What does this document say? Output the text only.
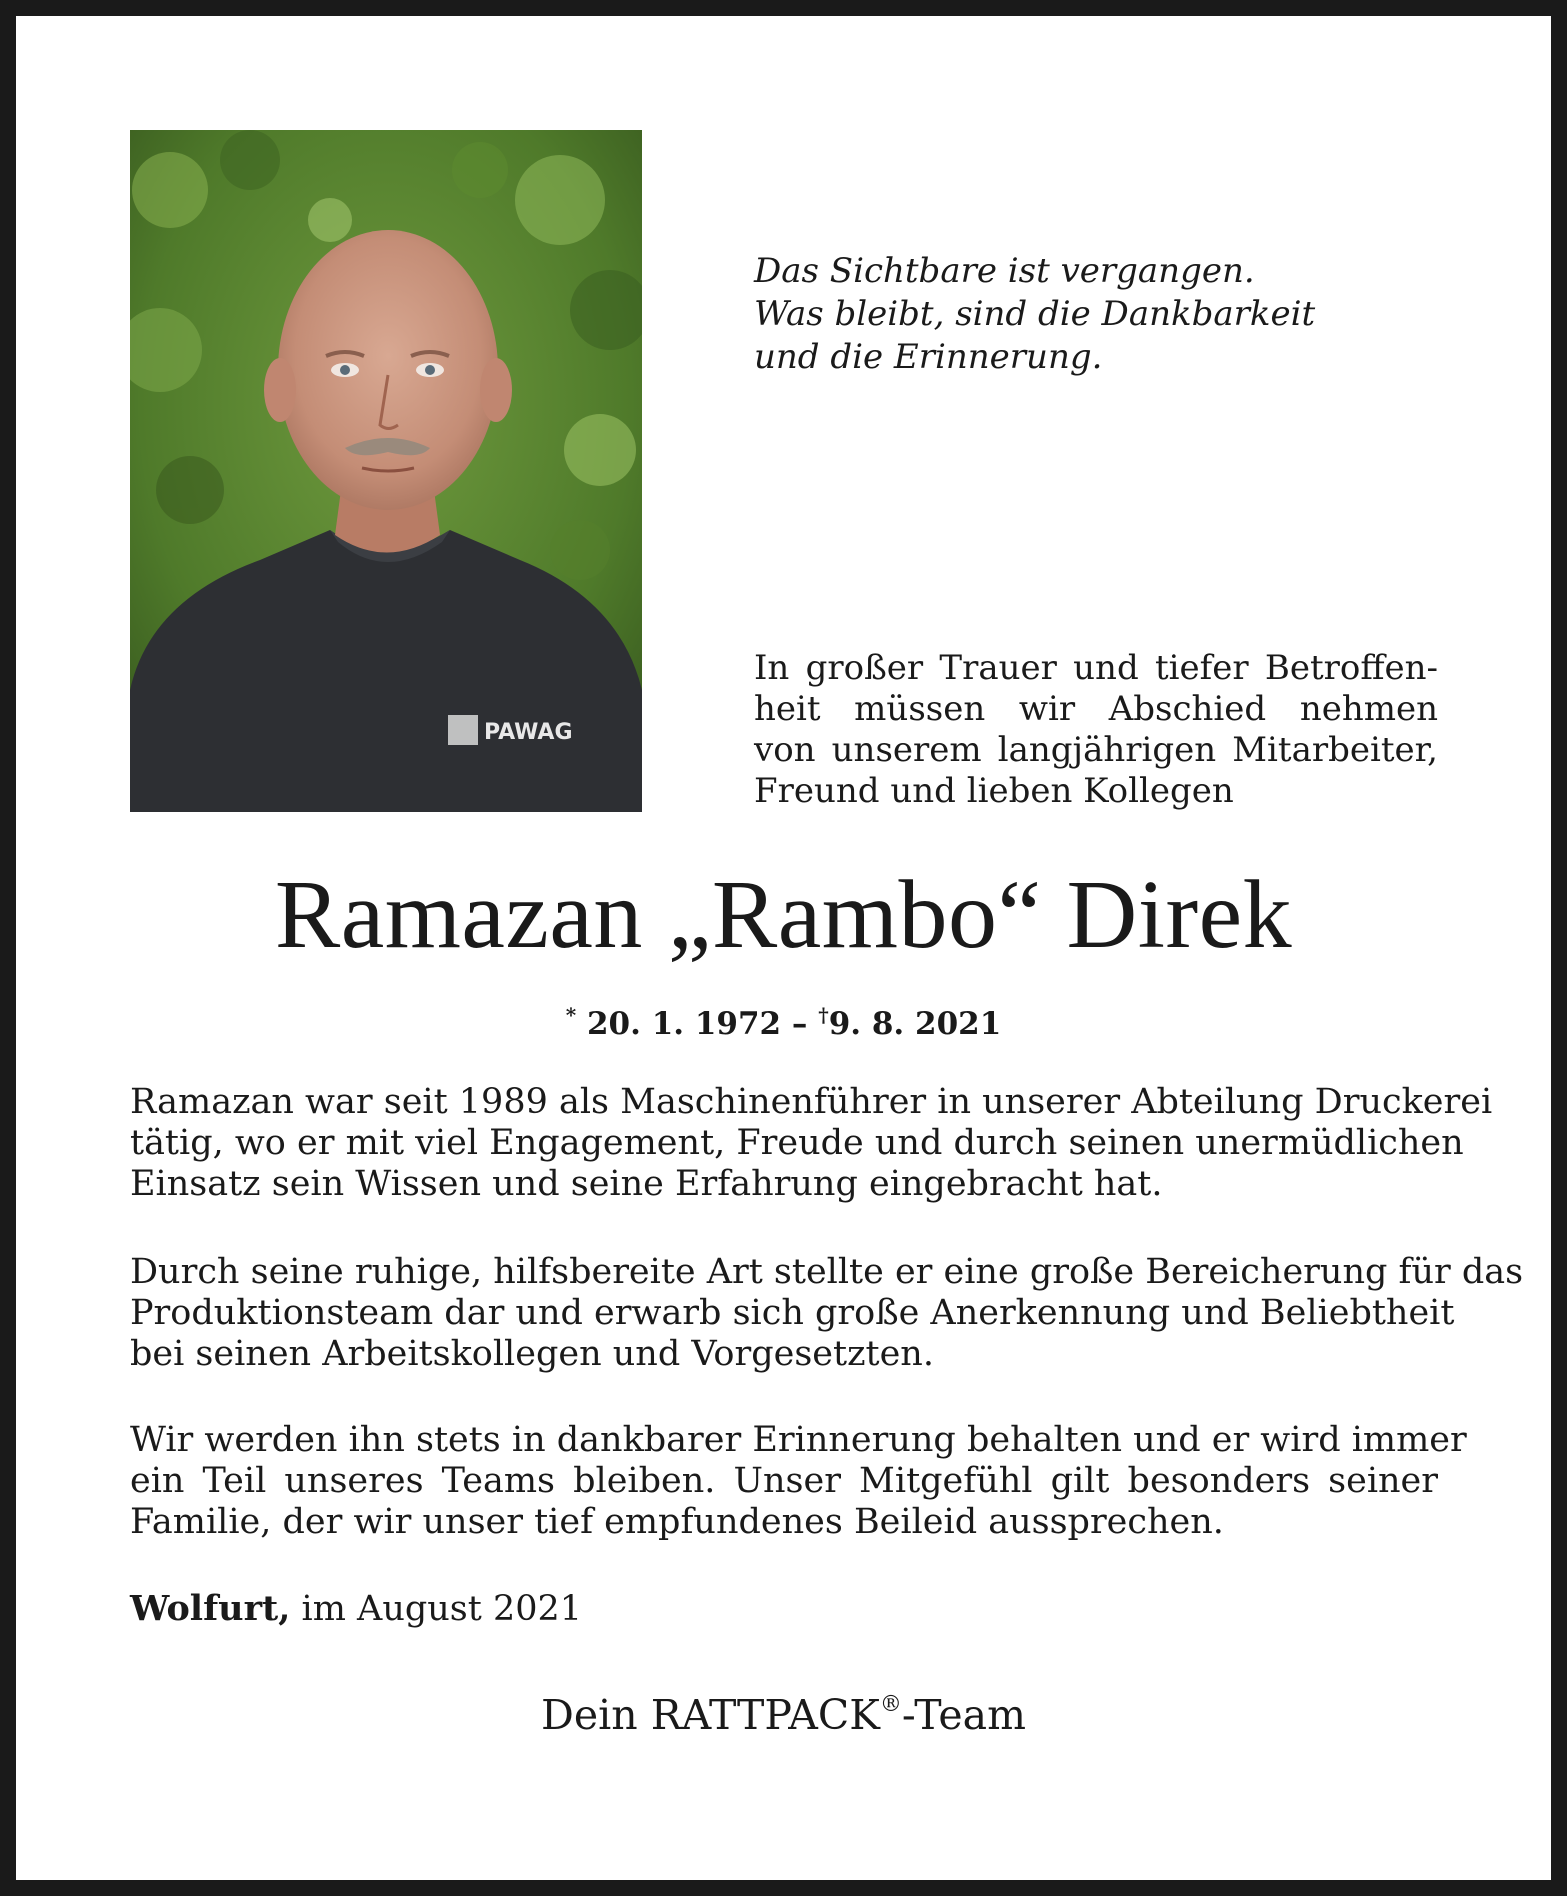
PAWAG
Das Sichtbare ist vergangen.
Was bleibt, sind die Dankbarkeit
und die Erinnerung.
In großer Trauer und tiefer Betroffen-
heit müssen wir Abschied nehmen
von unserem langjährigen Mitarbeiter,
Freund und lieben Kollegen
Ramazan „Rambo“ Direk
* 20. 1. 1972 – †9. 8. 2021
Ramazan war seit 1989 als Maschinenführer in unserer Abteilung Druckerei
tätig, wo er mit viel Engagement, Freude und durch seinen unermüdlichen
Einsatz sein Wissen und seine Erfahrung eingebracht hat.
Durch seine ruhige, hilfsbereite Art stellte er eine große Bereicherung für das
Produktionsteam dar und erwarb sich große Anerkennung und Beliebtheit
bei seinen Arbeitskollegen und Vorgesetzten.
Wir werden ihn stets in dankbarer Erinnerung behalten und er wird immer
ein Teil unseres Teams bleiben. Unser Mitgefühl gilt besonders seiner
Familie, der wir unser tief empfundenes Beileid aussprechen.
Wolfurt, im August 2021
Dein RATTPACK®-Team
